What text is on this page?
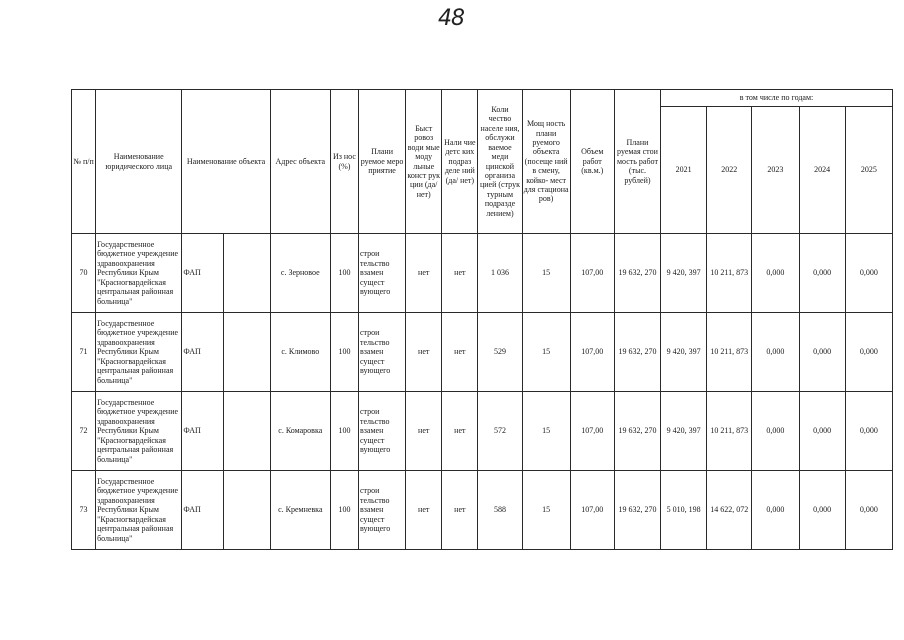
48
№ п/п	Наименование юридического лица	Наименование объекта		Адрес объекта	Из нос (%)	Плани руемое меро приятие	Быст ровоз води мые моду льные конст рук ции (да/ нет)	Нали чие детс ких подраз деле ний (да/ нет)	Коли чество населе ния, обслужи ваемое меди цинской организа цией (струк турным подразде лением)	Мощ ность плани руемого объекта (посеще ний в смену, койко- мест для стациона ров)	Объем работ (кв.м.)	Плани руемая стои мость работ (тыс. рублей)	в том числе по годам:				
													2021	2022	2023	2024	2025
70	Государственное бюджетное учреждение здравоохранения Республики Крым "Красногвардейская центральная районная больница"	ФАП		с. Зерновое	100	строи тельство взамен сущест вующего	нет	нет	1 036	15	107,00	19 632, 270	9 420, 397	10 211, 873	0,000	0,000	0,000
71	Государственное бюджетное учреждение здравоохранения Республики Крым "Красногвардейская центральная районная больница"	ФАП		с. Климово	100	строи тельство взамен сущест вующего	нет	нет	529	15	107,00	19 632, 270	9 420, 397	10 211, 873	0,000	0,000	0,000
72	Государственное бюджетное учреждение здравоохранения Республики Крым "Красногвардейская центральная районная больница"	ФАП		с. Комаровка	100	строи тельство взамен сущест вующего	нет	нет	572	15	107,00	19 632, 270	9 420, 397	10 211, 873	0,000	0,000	0,000
73	Государственное бюджетное учреждение здравоохранения Республики Крым "Красногвардейская центральная районная больница"	ФАП		с. Кремневка	100	строи тельство взамен сущест вующего	нет	нет	588	15	107,00	19 632, 270	5 010, 198	14 622, 072	0,000	0,000	0,000
